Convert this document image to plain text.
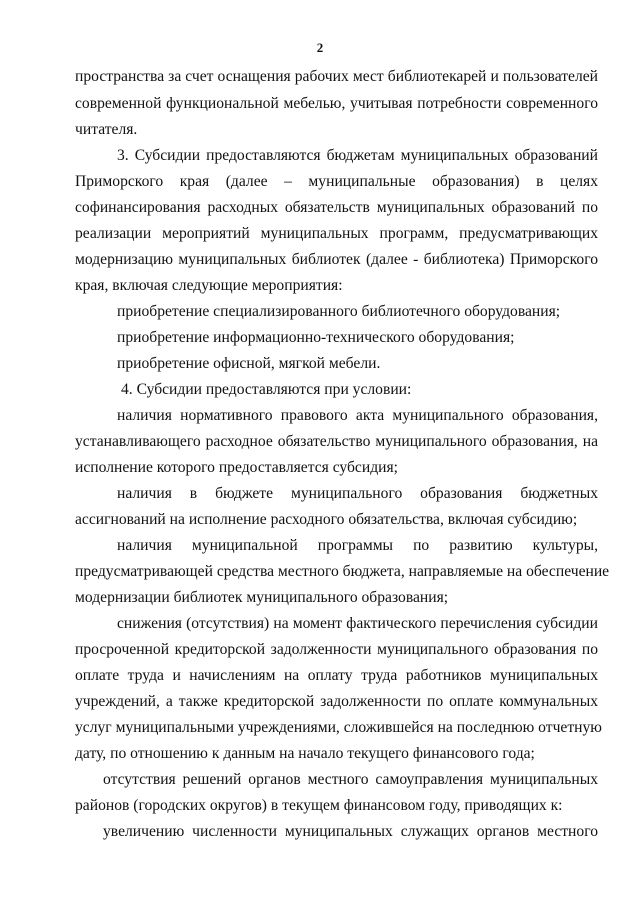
2
пространства за счет оснащения рабочих мест библиотекарей и пользователей
современной функциональной мебелью, учитывая потребности современного
читателя.
3. Субсидии предоставляются бюджетам муниципальных образований
Приморского края (далее – муниципальные образования) в целях
софинансирования расходных обязательств муниципальных образований по
реализации мероприятий муниципальных программ, предусматривающих
модернизацию муниципальных библиотек (далее - библиотека) Приморского
края, включая следующие мероприятия:
приобретение специализированного библиотечного оборудования;
приобретение информационно-технического оборудования;
приобретение офисной, мягкой мебели.
4. Субсидии предоставляются при условии:
наличия нормативного правового акта муниципального образования,
устанавливающего расходное обязательство муниципального образования, на
исполнение которого предоставляется субсидия;
наличия в бюджете муниципального образования бюджетных
ассигнований на исполнение расходного обязательства, включая субсидию;
наличия муниципальной программы по развитию культуры,
предусматривающей средства местного бюджета, направляемые на обеспечение
модернизации библиотек муниципального образования;
снижения (отсутствия) на момент фактического перечисления субсидии
просроченной кредиторской задолженности муниципального образования по
оплате труда и начислениям на оплату труда работников муниципальных
учреждений, а также кредиторской задолженности по оплате коммунальных
услуг муниципальными учреждениями, сложившейся на последнюю отчетную
дату, по отношению к данным на начало текущего финансового года;
отсутствия решений органов местного самоуправления муниципальных
районов (городских округов) в текущем финансовом году, приводящих к:
увеличению численности муниципальных служащих органов местного
